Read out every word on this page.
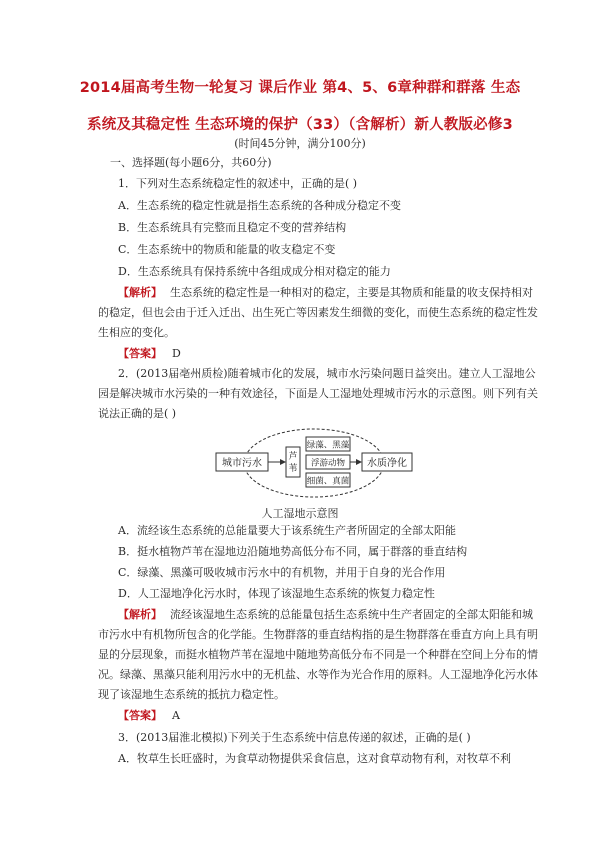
2014届高考生物一轮复习 课后作业 第4、5、6章种群和群落 生态
系统及其稳定性 生态环境的保护（33）（含解析）新人教版必修3
(时间45分钟，满分100分)
一、选择题(每小题6分，共60分)
1．下列对生态系统稳定性的叙述中，正确的是( )
A．生态系统的稳定性就是指生态系统的各种成分稳定不变
B．生态系统具有完整而且稳定不变的营养结构
C．生态系统中的物质和能量的收支稳定不变
D．生态系统具有保持系统中各组成成分相对稳定的能力
【解析】 生态系统的稳定性是一种相对的稳定，主要是其物质和能量的收支保持相对
的稳定，但也会由于迁入迁出、出生死亡等因素发生细微的变化，而使生态系统的稳定性发
生相应的变化。
【答案】 D
2．(2013届亳州质检)随着城市化的发展，城市水污染问题日益突出。建立人工湿地公
园是解决城市水污染的一种有效途径，下面是人工湿地处理城市污水的示意图。则下列有关
说法正确的是( )
城市污水
芦
苇
绿藻、黑藻
浮游动物
细菌、真菌
水质净化
人工湿地示意图
A．流经该生态系统的总能量要大于该系统生产者所固定的全部太阳能
B．挺水植物芦苇在湿地边沿随地势高低分布不同，属于群落的垂直结构
C．绿藻、黑藻可吸收城市污水中的有机物，并用于自身的光合作用
D．人工湿地净化污水时，体现了该湿地生态系统的恢复力稳定性
【解析】 流经该湿地生态系统的总能量包括生态系统中生产者固定的全部太阳能和城
市污水中有机物所包含的化学能。生物群落的垂直结构指的是生物群落在垂直方向上具有明
显的分层现象，而挺水植物芦苇在湿地中随地势高低分布不同是一个种群在空间上分布的情
况。绿藻、黑藻只能利用污水中的无机盐、水等作为光合作用的原料。人工湿地净化污水体
现了该湿地生态系统的抵抗力稳定性。
【答案】 A
3．(2013届淮北模拟)下列关于生态系统中信息传递的叙述，正确的是( )
A．牧草生长旺盛时，为食草动物提供采食信息，这对食草动物有利，对牧草不利
